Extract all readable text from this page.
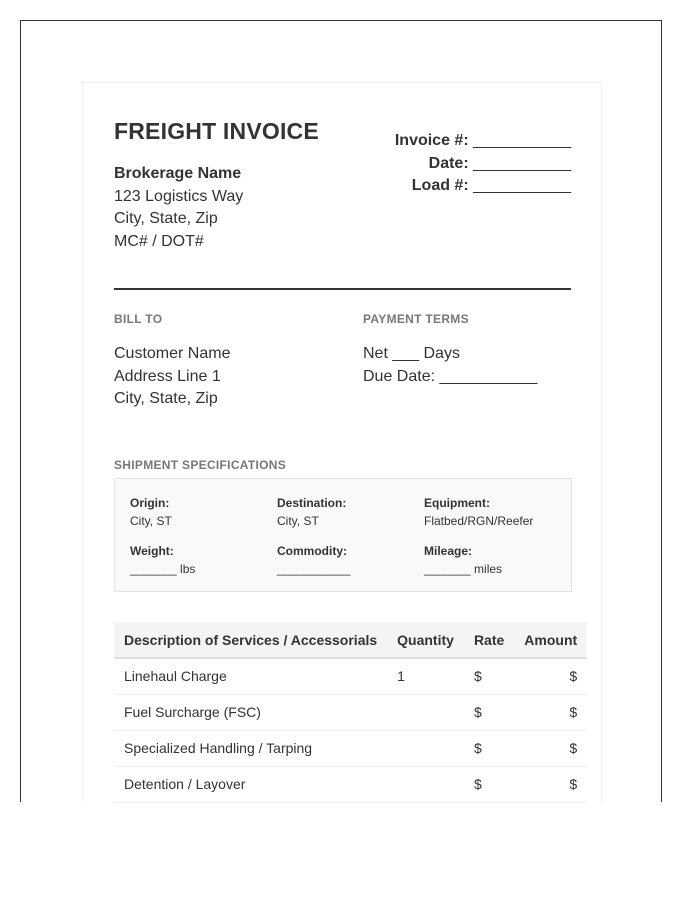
FREIGHT INVOICE
Brokerage Name
123 Logistics Way
City, State, Zip
MC# / DOT#
Invoice #: ___________
Date: ___________
Load #: ___________
BILL TO	PAYMENT TERMS
Customer Name
Address Line 1
City, State, Zip
Net ___ Days
Due Date: ___________
SHIPMENT SPECIFICATIONS
Origin:
City, ST
Destination:
City, ST
Equipment:
Flatbed/RGN/Reefer
Weight:
_______ lbs
Commodity:
___________
Mileage:
_______ miles
Description of Services / Accessorials	Quantity	Rate	Amount
Linehaul Charge	1	$	$
Fuel Surcharge (FSC)		$	$
Specialized Handling / Tarping		$	$
Detention / Layover		$	$
